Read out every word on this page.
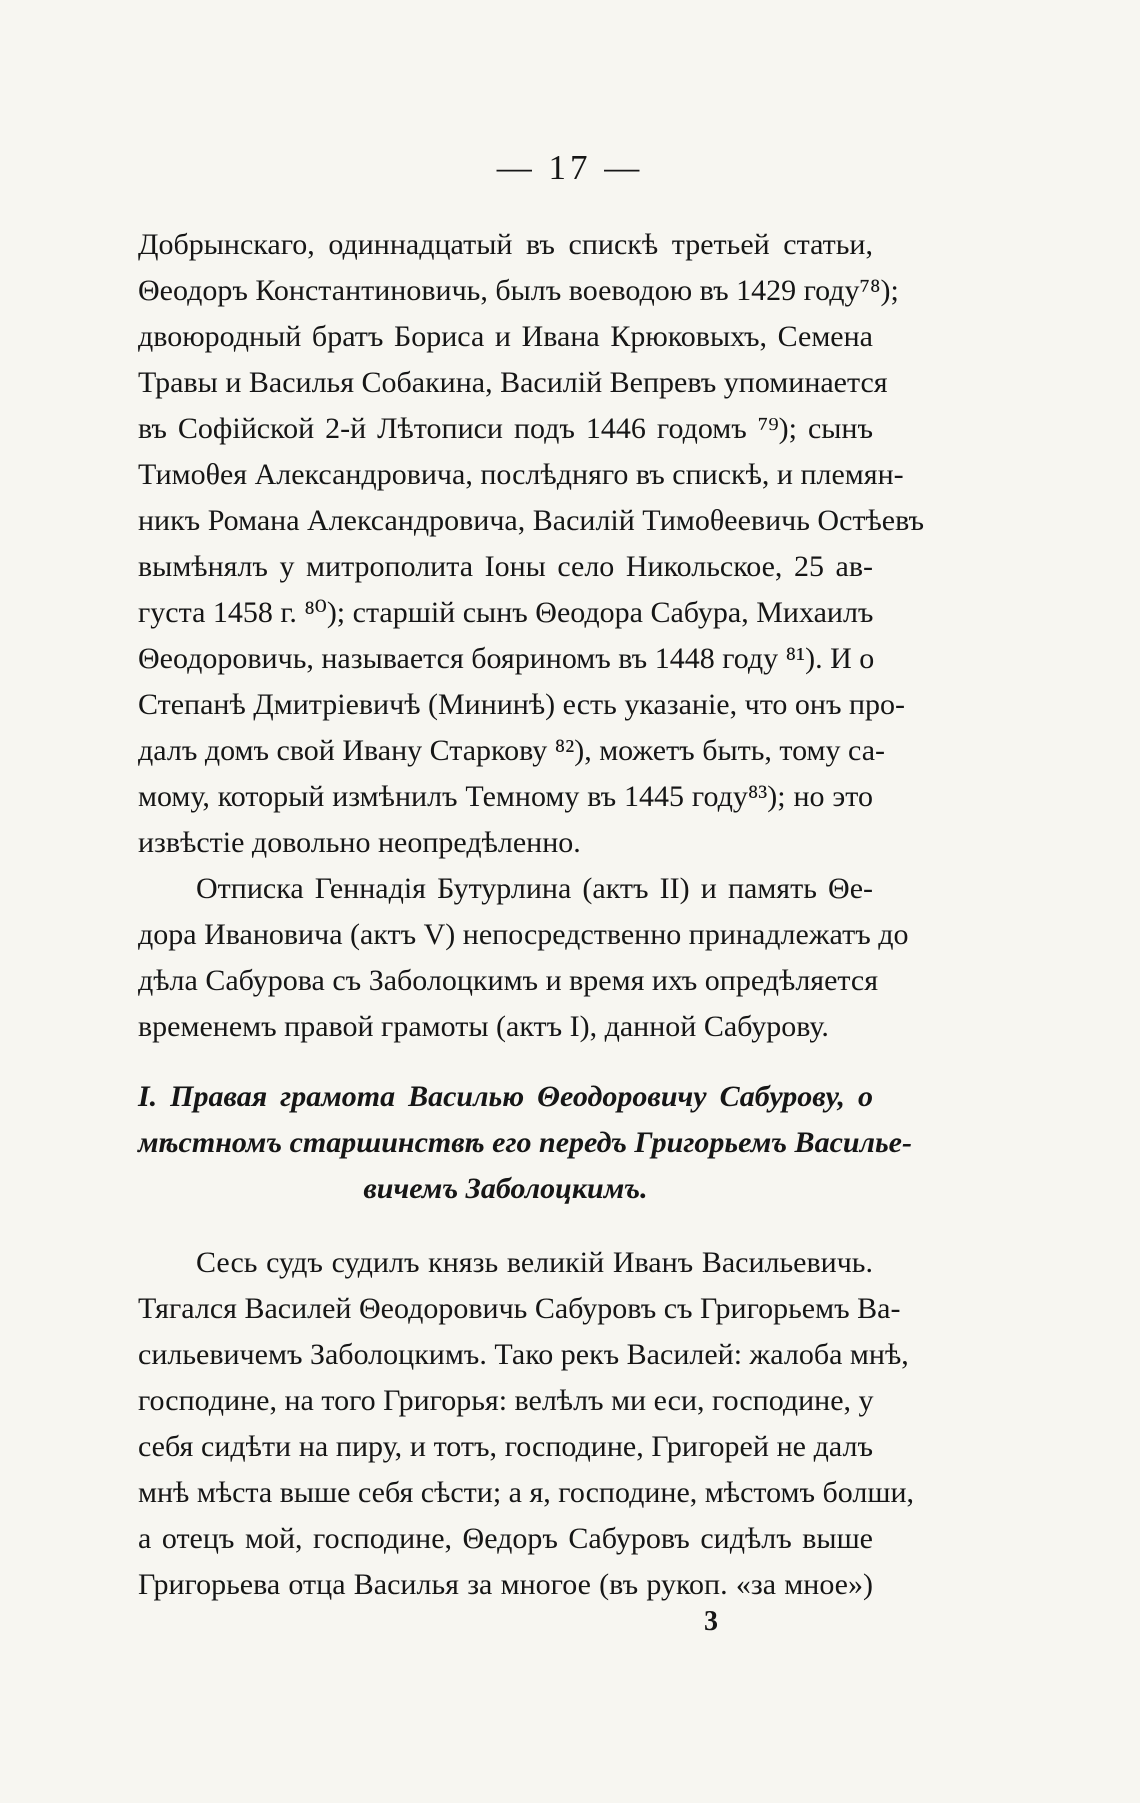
— 17 —
Добрынскаго, одиннадцатый въ спискѣ третьей статьи,
Θеодоръ Константиновичь, былъ воеводою въ 1429 году⁷⁸);
двоюродный братъ Бориса и Ивана Крюковыхъ, Семена
Травы и Василья Собакина, Василій Вепревъ упоминается
въ Софійской 2-й Лѣтописи подъ 1446 годомъ ⁷⁹); сынъ
Тимоθея Александровича, послѣдняго въ спискѣ, и племян-
никъ Романа Александровича, Василій Тимоθеевичь Остѣевъ
вымѣнялъ у митрополита Іоны село Никольское, 25 ав-
густа 1458 г. ⁸⁰); старшій сынъ Θеодора Сабура, Михаилъ
Θеодоровичь, называется бояриномъ въ 1448 году ⁸¹). И о
Степанѣ Дмитріевичѣ (Мининѣ) есть указаніе, что онъ про-
далъ домъ свой Ивану Старкову ⁸²), можетъ быть, тому са-
мому, который измѣнилъ Темному въ 1445 году⁸³); но это
извѣстіе довольно неопредѣленно.
Отписка Геннадія Бутурлина (актъ II) и память Θе-
дора Ивановича (актъ V) непосредственно принадлежатъ до
дѣла Сабурова съ Заболоцкимъ и время ихъ опредѣляется
временемъ правой грамоты (актъ I), данной Сабурову.
I. Правая грамота Василью Θеодоровичу Сабурову, о
мѣстномъ старшинствѣ его передъ Григорьемъ Василье-
вичемъ Заболоцкимъ.
Сесь судъ судилъ князь великій Иванъ Васильевичь.
Тягался Василей Θеодоровичь Сабуровъ съ Григорьемъ Ва-
сильевичемъ Заболоцкимъ. Тако рекъ Василей: жалоба мнѣ,
господине, на того Григорья: велѣлъ ми еси, господине, у
себя сидѣти на пиру, и тотъ, господине, Григорей не далъ
мнѣ мѣста выше себя сѣсти; а я, господине, мѣстомъ болши,
а отецъ мой, господине, Θедоръ Сабуровъ сидѣлъ выше
Григорьева отца Василья за многое (въ рукоп. «за мное»)
3
